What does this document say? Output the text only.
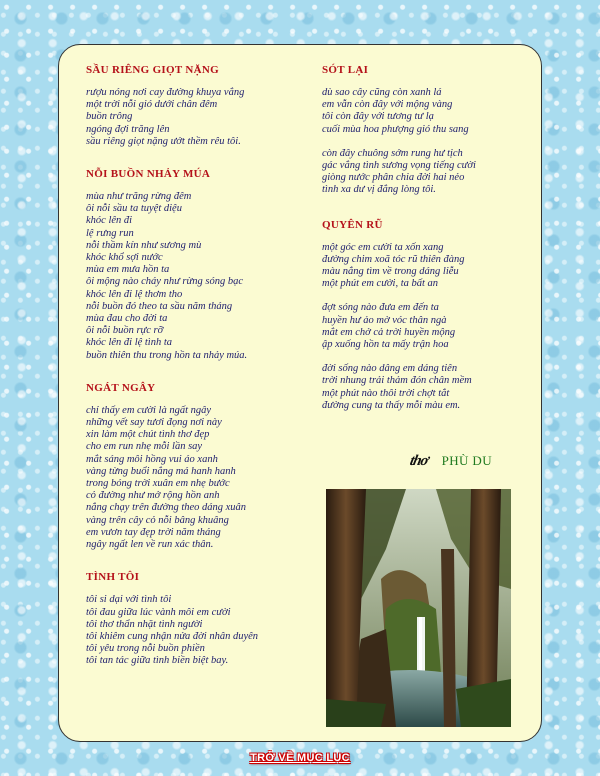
SẦU RIÊNG GIỌT NẶNG
rượu nóng nơi cay đường khuya vắng
một trời nỗi gió dưới chân đêm
buồn trông
ngóng đợi trăng lên
sầu riêng giọt nặng ướt thềm rêu tôi.
NỖI BUỒN NHẢY MÚA
mùa như trăng rừng đêm
ôi nỗi sầu ta tuyệt diệu
khóc lên đi
lệ rưng run
nỗi thầm kín như sương mù
khóc khổ sợi nước
mùa em mưa hồn ta
ôi mộng nào cháy như rừng sóng bạc
khóc lên đi lệ thơm tho
nỗi buồn đó theo ta sầu năm tháng
mùa đau cho đời ta
ôi nỗi buồn rực rỡ
khóc lên đi lệ tình ta
buồn thiên thu trong hồn ta nhảy múa.
NGÁT NGÂY
chỉ thấy em cười là ngất ngây
những vết say tươi đọng nơi này
xin làm một chút tình thơ đẹp
cho em run nhẹ mỗi lần say
mắt sáng môi hồng vui áo xanh
vàng từng buổi nắng má hanh hanh
trong bóng trời xuân em nhẹ bước
cỏ đường như mở rộng hồn anh
nắng chạy trên đường theo dáng xuân
vàng trên cây cỏ nỗi bâng khuâng
em vươn tay đẹp trời năm tháng
ngây ngất len về run xác thân.
TÌNH TÔI
tôi si dại với tình tôi
tôi đau giữa lúc vành môi em cười
tôi thơ thẩn nhặt tình người
tôi khiêm cung nhận nửa đời nhân duyên
tôi yêu trong nỗi buồn phiền
tôi tan tác giữa tình biền biệt bay.
SÓT LẠI
dù sao cây cũng còn xanh lá
em vẫn còn đây với mộng vàng
tôi còn đây với tương tư lạ
cuối mùa hoa phượng gió thu sang
còn đây chuông sớm rung hư tịch
gác vắng tình sương vọng tiếng cười
giòng nước phân chia đời hai nẻo
tình xa dư vị đắng lòng tôi.
QUYÊN RŨ
một góc em cười ta xốn xang
đường chim xoã tóc rũ thiên đàng
màu nắng tìm về trong dáng liễu
một phút em cười, ta bất an
đợt sóng nào đưa em đến ta
huyền hư ảo mờ vóc thân ngà
mắt em chở cả trời huyền mộng
ập xuống hồn ta mấy trận hoa
đời sống nào dâng em dáng tiên
trời nhung trải thảm đón chân mềm
một phút nào thôi trời chợt tắt
đường cung ta thấy mỗi màu em.
thơ PHÙ DU
TRỞ VỀ MỤC LỤC
